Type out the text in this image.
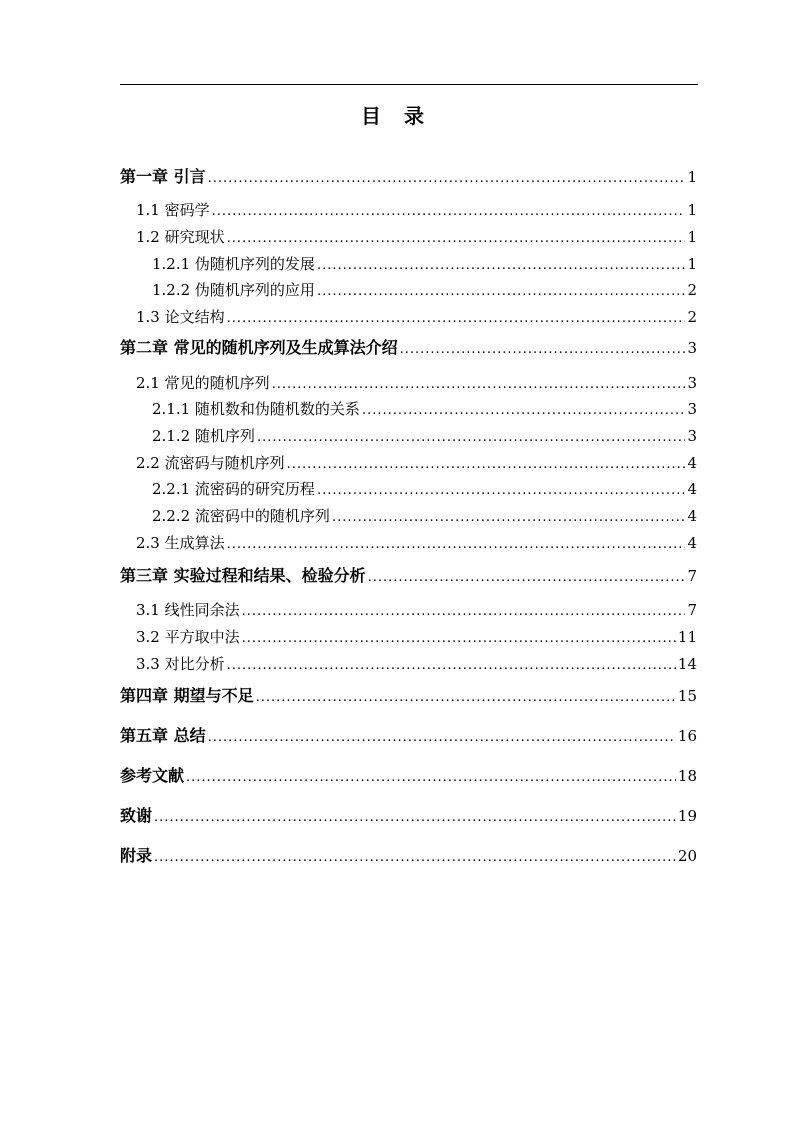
目 录
第一章 引言 .....	1
1.1 密码学 .....	1
1.2 研究现状 .....	1
1.2.1 伪随机序列的发展 .....	1
1.2.2 伪随机序列的应用 .....	2
1.3 论文结构 .....	2
第二章 常见的随机序列及生成算法介绍 .....	3
2.1 常见的随机序列 .....	3
2.1.1 随机数和伪随机数的关系 .....	3
2.1.2 随机序列 .....	3
2.2 流密码与随机序列 .....	4
2.2.1 流密码的研究历程 .....	4
2.2.2 流密码中的随机序列 .....	4
2.3 生成算法 .....	4
第三章 实验过程和结果、检验分析 .....	7
3.1 线性同余法 .....	7
3.2 平方取中法 .....	11
3.3 对比分析 .....	14
第四章 期望与不足 .....	15
第五章 总结 .....	16
参考文献 .....	18
致谢 .....	19
附录 .....	20
